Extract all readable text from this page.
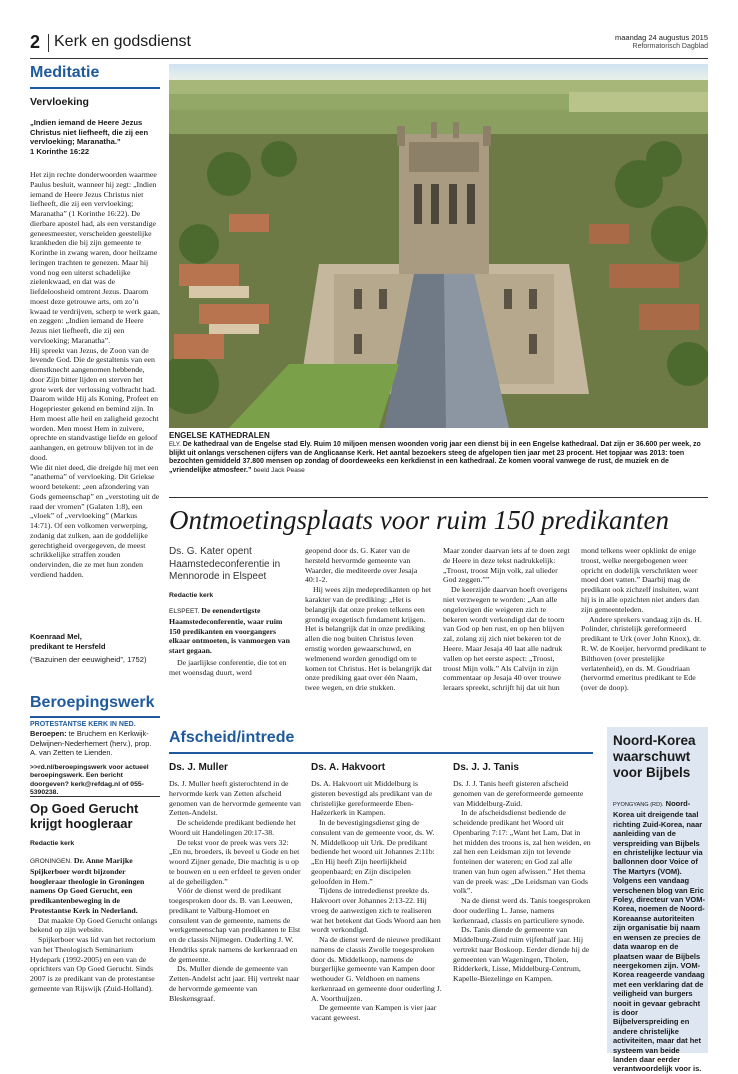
2 Kerk en godsdienst	maandag 24 augustus 2015
Reformatorisch Dagblad
Meditatie
Vervloeking
„Indien iemand de Heere Jezus Christus niet liefheeft, die zij een vervloeking; Maranatha.”
1 Korinthe 16:22

Het zijn rechte donderwoorden waarmee Paulus besluit, wanneer hij zegt: „Indien iemand de Heere Jezus Christus niet liefheeft, die zij een vervloeking; Maranatha” (1 Korinthe 16:22). De dierbare apostel had, als een verstandige geneesmeester, verscheiden geestelijke krankheden die bij zijn gemeente te Korinthe in zwang waren, door heilzame leringen trachten te genezen. Maar hij vond nog een uiterst schadelijke zielenkwaad, en dat was de liefdeloosheid omtrent Jezus. Daarom moest deze getrouwe arts, om zo’n kwaad te verdrijven, scherp te werk gaan, en zeggen: „Indien iemand de Heere Jezus niet liefheeft, die zij een vervloeking; Maranatha”.

Hij spreekt van Jezus, de Zoon van de levende God. Die de gestaltenis van een dienstknecht aangenomen hebbende, door Zijn bitter lijden en sterven het grote werk der verlossing volbracht had. Daarom wilde Hij als Koning, Profeet en Hogepriester gekend en bemind zijn. In Hem moest alle heil en zaligheid gezocht worden. Men moest Hem in zuivere, oprechte en standvastige liefde en geloof aanhangen, en getrouw blijven tot in de dood.

Wie dit niet deed, die dreigde hij met een ”anathema” of vervloeking. Dit Griekse woord betekent: „een afzondering van Gods gemeenschap” en „verstoting uit de raad der vromen” (Galaten 1:8), een „vloek” of „vervloeking” (Markus 14:71). Of een volkomen verwerping, zodanig dat zulken, aan de goddelijke gerechtigheid overgegeven, de meest schrikkelijke straffen zouden ondervinden, die ze met hun zonden verdiend hadden.

Koenraad Mel,
predikant te Hersfeld

(“Bazuinen der eeuwigheid”, 1752)
Beroepingswerk
PROTESTANTSE KERK IN NED.
Beroepen: te Bruchem en Kerkwijk-Delwijnen-Nederhemert (herv.), prop. A. van Zetten te Lienden.
>>rd.nl/beroepingswerk voor actueel beroepingswerk. Een bericht doorgeven? kerk@refdag.nl of 055-5390238.
Op Goed Gerucht krijgt hoogleraar
Redactie kerk

GRONINGEN. Dr. Anne Marijke Spijkerboer wordt bijzonder hoogleraar theologie in Groningen namens Op Goed Gerucht, een predikantenbeweging in de Protestantse Kerk in Nederland.

Dat maakte Op Goed Gerucht onlangs bekend op zijn website.

Spijkerboer was lid van het rectorium van het Theologisch Seminarium Hydepark (1992-2005) en een van de oprichters van Op Goed Gerucht. Sinds 2007 is ze predikant van de protestantse gemeente van Rijswijk (Zuid-Holland).

ENGELSE KATHEDRALEN
ELY. De kathedraal van de Engelse stad Ely. Ruim 10 miljoen mensen woonden vorig jaar een dienst bij in een Engelse kathedraal. Dat zijn er 36.600 per week, zo blijkt uit onlangs verschenen cijfers van de Anglicaanse Kerk. Het aantal bezoekers steeg de afgelopen tien jaar met 23 procent. Het topjaar was 2013: toen bezochten gemiddeld 37.800 mensen op zondag of doordeweeks een kerkdienst in een kathedraal. Ze komen vooral vanwege de rust, de muziek en de „vriendelijke atmosfeer.” beeld Jack Pease
Ontmoetingsplaats voor ruim 150 predikanten
Ds. G. Kater opent Haamstedeconferentie in Mennorode in Elspeet
Redactie kerk

ELSPEET. De eenendertigste Haamstedeconferentie, waar ruim 150 predikanten en voorgangers elkaar ontmoeten, is vanmorgen van start gegaan.

De jaarlijkse conferentie, die tot en met woensdag duurt, werd

geopend door ds. G. Kater van de hersteld hervormde gemeente van Waarder, die mediteerde over Jesaja 40:1-2.

Hij wees zijn medepredikanten op het karakter van de prediking: „Het is belangrijk dat onze preken telkens een grondig exegetisch fundament krijgen. Het is belangrijk dat in onze prediking allen die nog buiten Christus leven ernstig worden gewaarschuwd, en welmenend worden genodigd om te komen tot Christus. Het is belangrijk dat onze prediking gaat over één Naam, twee wegen, en drie stukken.

Maar zonder daarvan iets af te doen zegt de Heere in deze tekst nadrukkelijk: „Troost, troost Mijn volk, zal ulieder God zeggen.””

De keerzijde daarvan hoeft overigens niet verzwegen te worden: „Aan alle ongelovigen die weigeren zich te bekeren wordt verkondigd dat de toorn van God op hen rust, en op hen blijven zal, zolang zij zich niet bekeren tot de Heere. Maar Jesaja 40 laat alle nadruk vallen op het eerste aspect: „Troost, troost Mijn volk.” Als Calvijn in zijn commentaar op Jesaja 40 over trouwe leraars spreekt, schrijft hij dat uit hun

mond telkens weer opklinkt de enige troost, welke neergebogenen weer opricht en dodelijk verschrikten weer moed doet vatten.” Daarbij mag de predikant ook zichzelf insluiten, want hij is in alle opzichten niet anders dan zijn gemeenteleden.

Andere sprekers vandaag zijn ds. H. Polinder, christelijk gereformeerd predikant te Urk (over John Knox), dr. R. W. de Koeijer, hervormd predikant te Bilthoven (over prestelijke verlatenheid), en ds. M. Goudriaan (hervormd emeritus predikant te Ede (over de doop).

Afscheid/intrede
Ds. J. Muller

Ds. J. Muller heeft gisterochtend in de hervormde kerk van Zetten afscheid genomen van de hervormde gemeente van Zetten-Andelst.

De scheidende predikant bediende het Woord uit Handelingen 20:17-38.

De tekst voor de preek was vers 32: „En nu, broeders, ik beveel u Gode en het woord Zijner genade, Die machtig is u op te bouwen en u een erfdeel te geven onder al de geheiligden.”

Vóór de dienst werd de predikant toegesproken door ds. B. van Leeuwen, predikant te Valburg-Homoet en consulent van de gemeente, namens de werkgemeenschap van predikanten te Elst en de classis Nijmegen. Ouderling J. W. Hendriks sprak namens de kerkenraad en de gemeente.

Ds. Muller diende de gemeente van Zetten-Andelst acht jaar. Hij vertrekt naar de hervormde gemeente van Bleskensgraaf.

Ds. A. Hakvoort

Ds. A. Hakvoort uit Middelburg is gisteren bevestigd als predikant van de christelijke gereformeerde Eben-Haëzerkerk in Kampen.

In de bevestigingsdienst ging de consulent van de gemeente voor, ds. W. N. Middelkoop uit Urk. De predikant bediende het woord uit Johannes 2:11b: „En Hij heeft Zijn heerlijkheid geopenbaard; en Zijn discipelen geloofden in Hem.”

Tijdens de intrededienst preekte ds. Hakvoort over Johannes 2:13-22. Hij vroeg de aanwezigen zich te realiseren wat het betekent dat Gods Woord aan hen wordt verkondigd.

Na de dienst werd de nieuwe predikant namens de classis Zwolle toegesproken door ds. Middelkoop, namens de burgerlijke gemeente van Kampen door wethouder G. Veldhoen en namens kerkenraad en gemeente door ouderling J. A. Voorthuijzen.

De gemeente van Kampen is vier jaar vacant geweest.

Ds. J. J. Tanis

Ds. J. J. Tanis heeft gisteren afscheid genomen van de gereformeerde gemeente van Middelburg-Zuid.

In de afscheidsdienst bediende de scheidende predikant het Woord uit Openbaring 7:17: „Want het Lam, Dat in het midden des troons is, zal hen weiden, en zal hen een Leidsman zijn tot levende fonteinen der wateren; en God zal alle tranen van hun ogen afwissen.” Het thema van de preek was: „De Leidsman van Gods volk”.

Na de dienst werd ds. Tanis toegesproken door ouderling L. Janse, namens kerkenraad, classis en particuliere synode.

Ds. Tanis diende de gemeente van Middelburg-Zuid ruim vijfenhalf jaar. Hij vertrekt naar Boskoop. Eerder diende hij de gemeenten van Wageningen, Tholen, Ridderkerk, Lisse, Middelburg-Centrum, Kapelle-Biezelinge en Kampen.

Noord-Korea waarschuwt voor Bijbels
PYONGYANG (RD). Noord-Korea uit dreigende taal richting Zuid-Korea, naar aanleiding van de verspreiding van Bijbels en christelijke lectuur via ballonnen door Voice of The Martyrs (VOM). Volgens een vandaag verschenen blog van Eric Foley, directeur van VOM-Korea, noemen de Noord-Koreaanse autoriteiten zijn organisatie bij naam en wensen ze precies de data waarop en de plaatsen waar de Bijbels neergekomen zijn. VOM-Korea reageerde vandaag met een verklaring dat de veiligheid van burgers nooit in gevaar gebracht is door Bijbelverspreiding en andere christelijke activiteiten, maar dat het systeem van beide landen daar eerder verantwoordelijk voor is.
